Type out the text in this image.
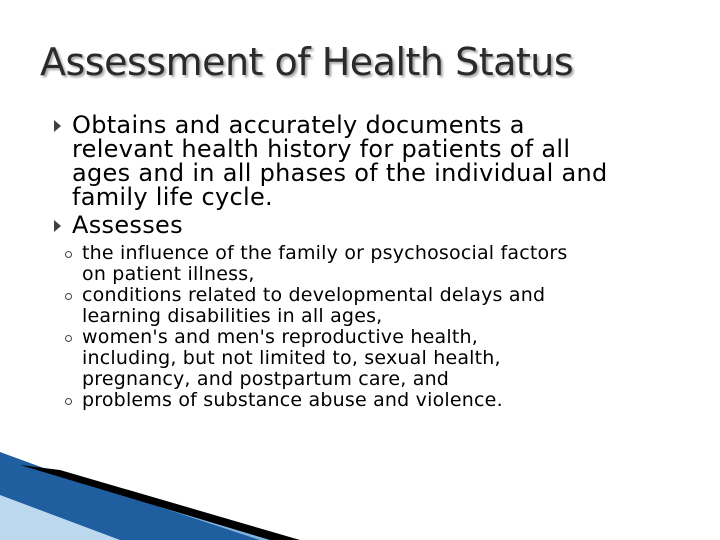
Assessment of Health Status
Obtains and accurately documents a
relevant health history for patients of all
ages and in all phases of the individual and
family life cycle.
Assesses
the influence of the family or psychosocial factors
on patient illness,
conditions related to developmental delays and
learning disabilities in all ages,
women's and men's reproductive health,
including, but not limited to, sexual health,
pregnancy, and postpartum care, and
problems of substance abuse and violence.
